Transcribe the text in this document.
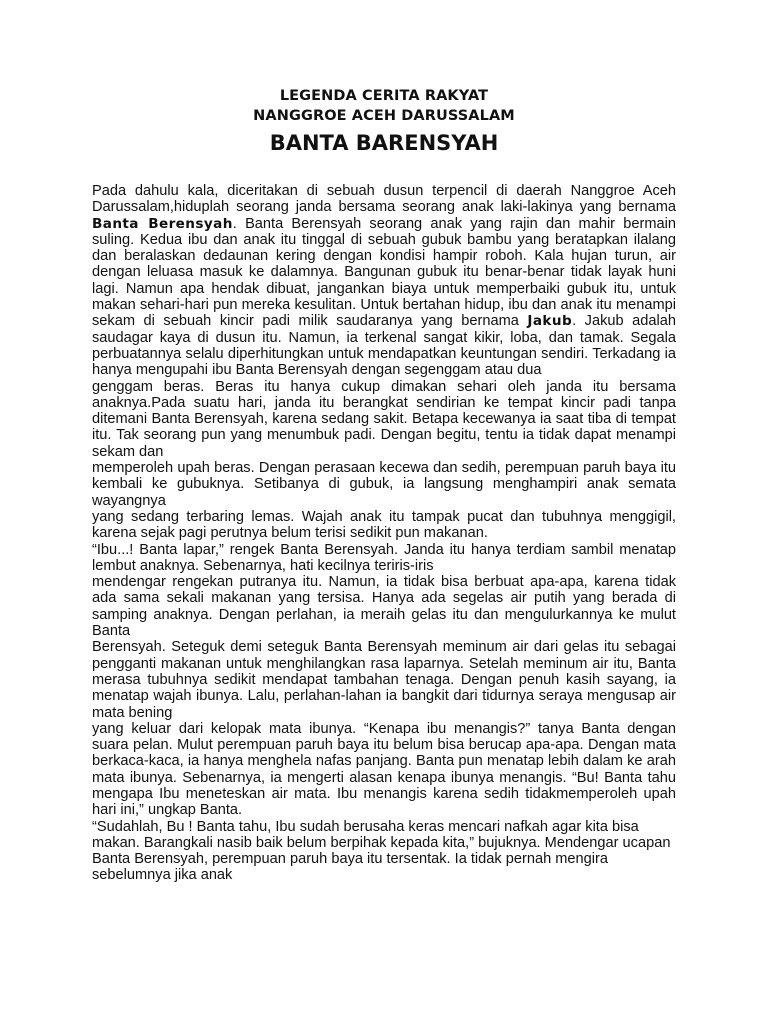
LEGENDA CERITA RAKYAT
NANGGROE ACEH DARUSSALAM
BANTA BARENSYAH

Pada dahulu kala, diceritakan di sebuah dusun terpencil di daerah Nanggroe Aceh Darussalam,hiduplah seorang janda bersama seorang anak laki-lakinya yang bernama Banta Berensyah. Banta Berensyah seorang anak yang rajin dan mahir bermain suling. Kedua ibu dan anak itu tinggal di sebuah gubuk bambu yang beratapkan ilalang dan beralaskan dedaunan kering dengan kondisi hampir roboh. Kala hujan turun, air dengan leluasa masuk ke dalamnya. Bangunan gubuk itu benar-benar tidak layak huni lagi. Namun apa hendak dibuat, jangankan biaya untuk memperbaiki gubuk itu, untuk makan sehari-hari pun mereka kesulitan. Untuk bertahan hidup, ibu dan anak itu menampi sekam di sebuah kincir padi milik saudaranya yang bernama Jakub. Jakub adalah saudagar kaya di dusun itu. Namun, ia terkenal sangat kikir, loba, dan tamak. Segala perbuatannya selalu diperhitungkan untuk mendapatkan keuntungan sendiri. Terkadang ia hanya mengupahi ibu Banta Berensyah dengan segenggam atau dua

genggam beras. Beras itu hanya cukup dimakan sehari oleh janda itu bersama anaknya.Pada suatu hari, janda itu berangkat sendirian ke tempat kincir padi tanpa ditemani Banta Berensyah, karena sedang sakit. Betapa kecewanya ia saat tiba di tempat itu. Tak seorang pun yang menumbuk padi. Dengan begitu, tentu ia tidak dapat menampi sekam dan

memperoleh upah beras. Dengan perasaan kecewa dan sedih, perempuan paruh baya itu kembali ke gubuknya. Setibanya di gubuk, ia langsung menghampiri anak semata wayangnya

yang sedang terbaring lemas. Wajah anak itu tampak pucat dan tubuhnya menggigil, karena sejak pagi perutnya belum terisi sedikit pun makanan.

“Ibu...! Banta lapar,” rengek Banta Berensyah. Janda itu hanya terdiam sambil menatap lembut anaknya. Sebenarnya, hati kecilnya teriris-iris

mendengar rengekan putranya itu. Namun, ia tidak bisa berbuat apa-apa, karena tidak ada sama sekali makanan yang tersisa. Hanya ada segelas air putih yang berada di samping anaknya. Dengan perlahan, ia meraih gelas itu dan mengulurkannya ke mulut Banta

Berensyah. Seteguk demi seteguk Banta Berensyah meminum air dari gelas itu sebagai pengganti makanan untuk menghilangkan rasa laparnya. Setelah meminum air itu, Banta merasa tubuhnya sedikit mendapat tambahan tenaga. Dengan penuh kasih sayang, ia menatap wajah ibunya. Lalu, perlahan-lahan ia bangkit dari tidurnya seraya mengusap air mata bening

yang keluar dari kelopak mata ibunya. “Kenapa ibu menangis?” tanya Banta dengan suara pelan. Mulut perempuan paruh baya itu belum bisa berucap apa-apa. Dengan mata berkaca-kaca, ia hanya menghela nafas panjang. Banta pun menatap lebih dalam ke arah mata ibunya. Sebenarnya, ia mengerti alasan kenapa ibunya menangis. “Bu! Banta tahu mengapa Ibu meneteskan air mata. Ibu menangis karena sedih tidakmemperoleh upah hari ini,” ungkap Banta.

“Sudahlah, Bu ! Banta tahu, Ibu sudah berusaha keras mencari nafkah agar kita bisa makan. Barangkali nasib baik belum berpihak kepada kita,” bujuknya. Mendengar ucapan Banta Berensyah, perempuan paruh baya itu tersentak. Ia tidak pernah mengira sebelumnya jika anak
